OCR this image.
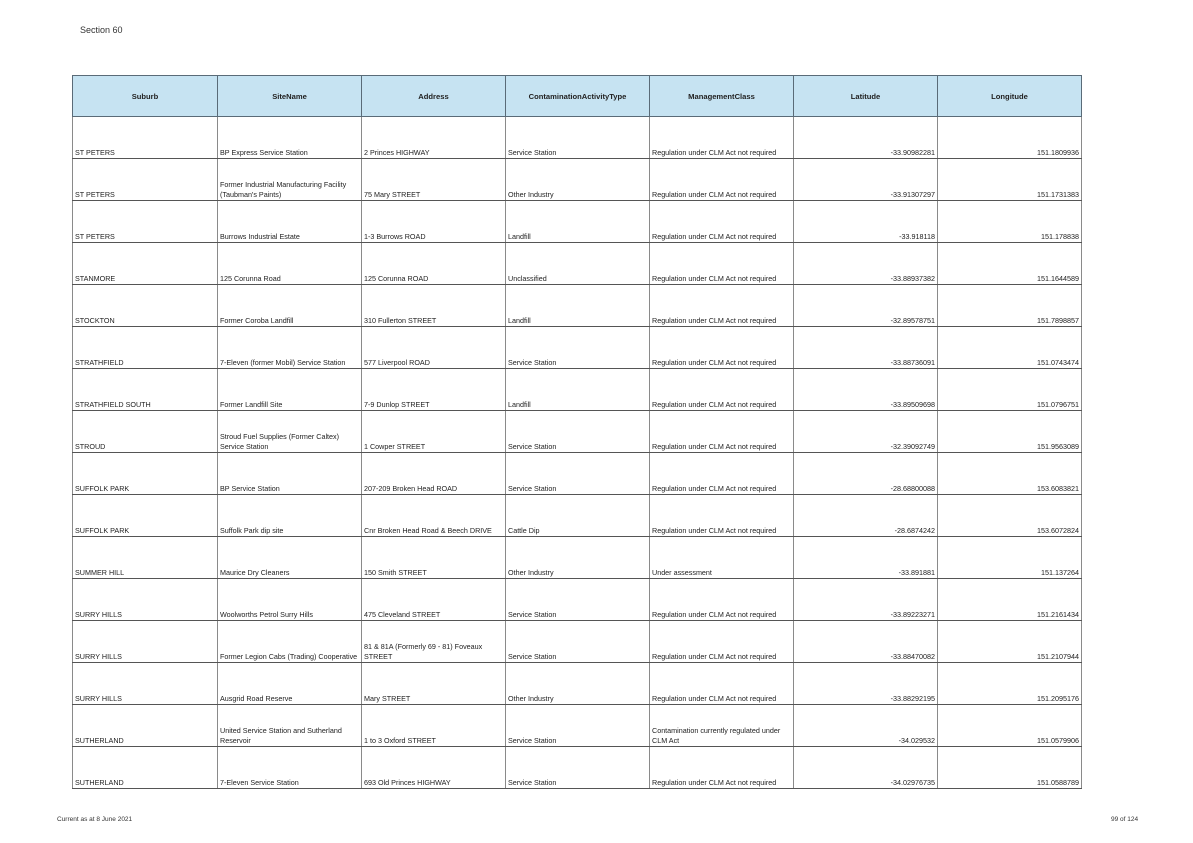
Section 60
Suburb	SiteName	Address	ContaminationActivityType	ManagementClass	Latitude	Longitude
ST PETERS	BP Express Service Station	2 Princes HIGHWAY	Service Station	Regulation under CLM Act not required	-33.90982281	151.1809936
ST PETERS	Former Industrial Manufacturing Facility (Taubman's Paints)	75 Mary STREET	Other Industry	Regulation under CLM Act not required	-33.91307297	151.1731383
ST PETERS	Burrows Industrial Estate	1-3 Burrows ROAD	Landfill	Regulation under CLM Act not required	-33.918118	151.178838
STANMORE	125 Corunna Road	125 Corunna ROAD	Unclassified	Regulation under CLM Act not required	-33.88937382	151.1644589
STOCKTON	Former Coroba Landfill	310 Fullerton STREET	Landfill	Regulation under CLM Act not required	-32.89578751	151.7898857
STRATHFIELD	7-Eleven (former Mobil) Service Station	577 Liverpool ROAD	Service Station	Regulation under CLM Act not required	-33.88736091	151.0743474
STRATHFIELD SOUTH	Former Landfill Site	7-9 Dunlop STREET	Landfill	Regulation under CLM Act not required	-33.89509698	151.0796751
STROUD	Stroud Fuel Supplies (Former Caltex) Service Station	1 Cowper STREET	Service Station	Regulation under CLM Act not required	-32.39092749	151.9563089
SUFFOLK PARK	BP Service Station	207-209 Broken Head ROAD	Service Station	Regulation under CLM Act not required	-28.68800088	153.6083821
SUFFOLK PARK	Suffolk Park dip site	Cnr Broken Head Road & Beech DRIVE	Cattle Dip	Regulation under CLM Act not required	-28.6874242	153.6072824
SUMMER HILL	Maurice Dry Cleaners	150 Smith STREET	Other Industry	Under assessment	-33.891881	151.137264
SURRY HILLS	Woolworths Petrol Surry Hills	475 Cleveland STREET	Service Station	Regulation under CLM Act not required	-33.89223271	151.2161434
SURRY HILLS	Former Legion Cabs (Trading) Cooperative	81 & 81A (Formerly 69 - 81) Foveaux STREET	Service Station	Regulation under CLM Act not required	-33.88470082	151.2107944
SURRY HILLS	Ausgrid Road Reserve	Mary STREET	Other Industry	Regulation under CLM Act not required	-33.88292195	151.2095176
SUTHERLAND	United Service Station and Sutherland Reservoir	1 to 3 Oxford STREET	Service Station	Contamination currently regulated under CLM Act	-34.029532	151.0579906
SUTHERLAND	7-Eleven Service Station	693 Old Princes HIGHWAY	Service Station	Regulation under CLM Act not required	-34.02976735	151.0588789
Current as at 8 June 2021	99 of 124
